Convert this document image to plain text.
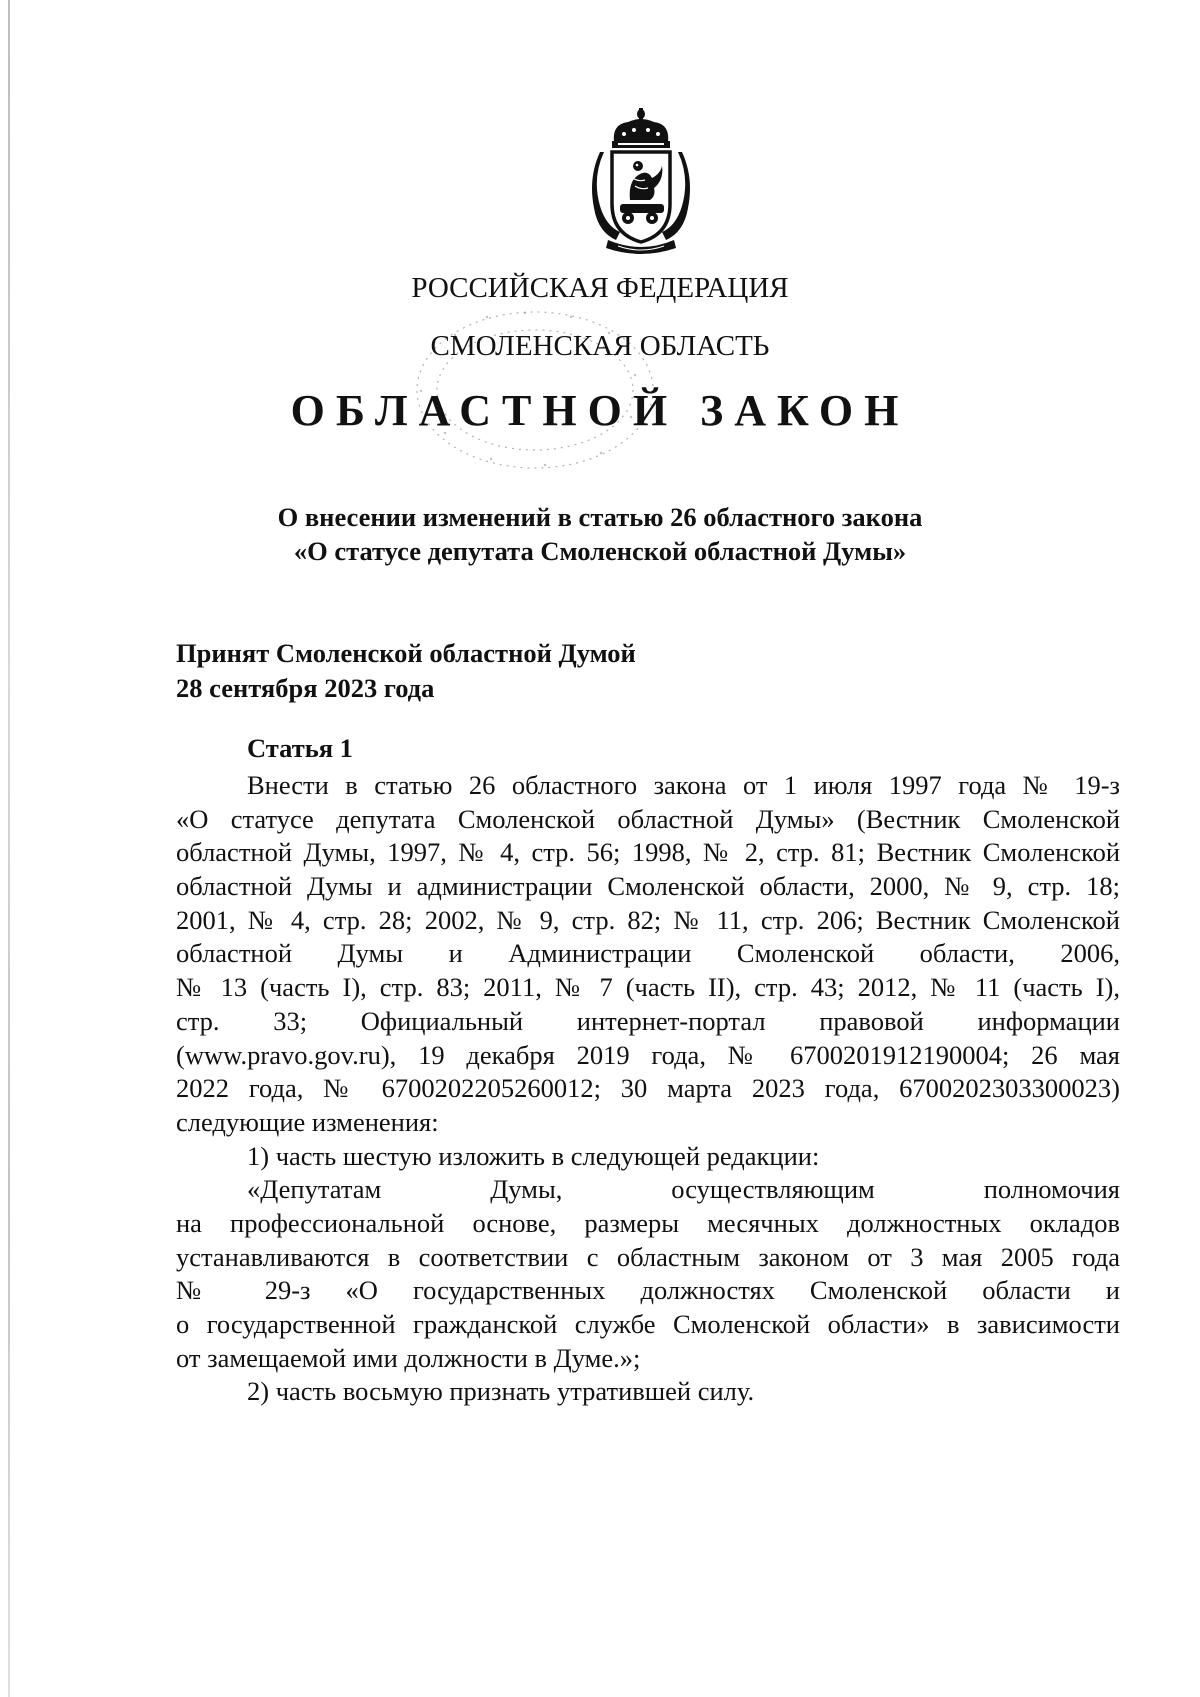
РОССИЙСКАЯ ФЕДЕРАЦИЯ
СМОЛЕНСКАЯ ОБЛАСТЬ
ОБЛАСТНОЙ ЗАКОН
О внесении изменений в статью 26 областного закона
«О статусе депутата Смоленской областной Думы»
Принят Смоленской областной Думой
28 сентября 2023 года
Статья 1
Внести в статью 26 областного закона от 1 июля 1997 года № 19-з
«О статусе депутата Смоленской областной Думы» (Вестник Смоленской
областной Думы, 1997, № 4, стр. 56; 1998, № 2, стр. 81; Вестник Смоленской
областной Думы и администрации Смоленской области, 2000, № 9, стр. 18;
2001, № 4, стр. 28; 2002, № 9, стр. 82; № 11, стр. 206; Вестник Смоленской
областной Думы и Администрации Смоленской области, 2006,
№ 13 (часть I), стр. 83; 2011, № 7 (часть II), стр. 43; 2012, № 11 (часть I),
стр. 33; Официальный интернет-портал правовой информации
(www.pravo.gov.ru), 19 декабря 2019 года, № 6700201912190004; 26 мая
2022 года, № 6700202205260012; 30 марта 2023 года, 6700202303300023)
следующие изменения:
1) часть шестую изложить в следующей редакции:
«Депутатам Думы, осуществляющим полномочия
на профессиональной основе, размеры месячных должностных окладов
устанавливаются в соответствии с областным законом от 3 мая 2005 года
№ 29-з «О государственных должностях Смоленской области и
о государственной гражданской службе Смоленской области» в зависимости
от замещаемой ими должности в Думе.»;
2) часть восьмую признать утратившей силу.
